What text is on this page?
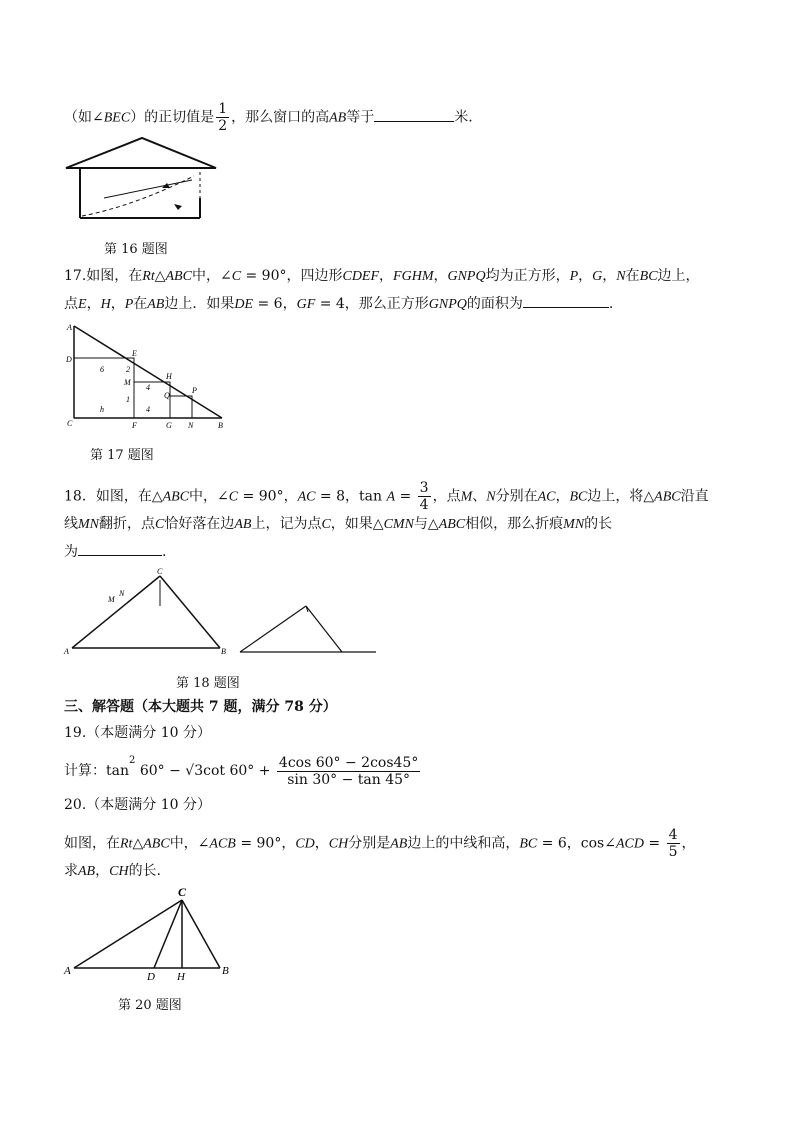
（如∠BEC）的正切值是 $\frac{1}{2}$ ，那么窗口的高AB等于	米.
第 16 题图
17.如图，在Rt△ABC中，∠C = 90°，四边形CDEF，FGHM，GNPQ均为正方形，P，G，N在BC边上，
点E，H，P在AB边上．如果DE = 6，GF = 4，那么正方形GNPQ的面积为	.
A
D
C
E
M
H
Q
P
F	G N	B
6
4
4
1
2
h
第 17 题图
18．如图，在△ABC中，∠C = 90°，AC = 8，$\tan A = \frac{3}{4}$ ，点M、N分别在AC，BC边上，将△ABC沿直
线MN翻折，点C恰好落在边AB上，记为点C，如果△CMN与△ABC相似，那么折痕MN的长
为	.
A
C
B
M
N
第 18 题图
三、解答题（本大题共 7 题，满分 78 分）
19.（本题满分 10 分）
计算：$\tan^2 60^\circ - √3\cot$ $60^\circ + \frac{4\cos 60^\circ - 2\cos 45^\circ}{\sin 30^\circ - \tan 45^\circ}$
20.（本题满分 10 分）
如图，在Rt△ABC中，∠ACB = 90°，CD，CH分别是AB边上的中线和高，BC = 6，cos∠ACD = $\frac{4}{5}$ ，
求AB，CH的长.
A
C
D H	B
第 20 题图
